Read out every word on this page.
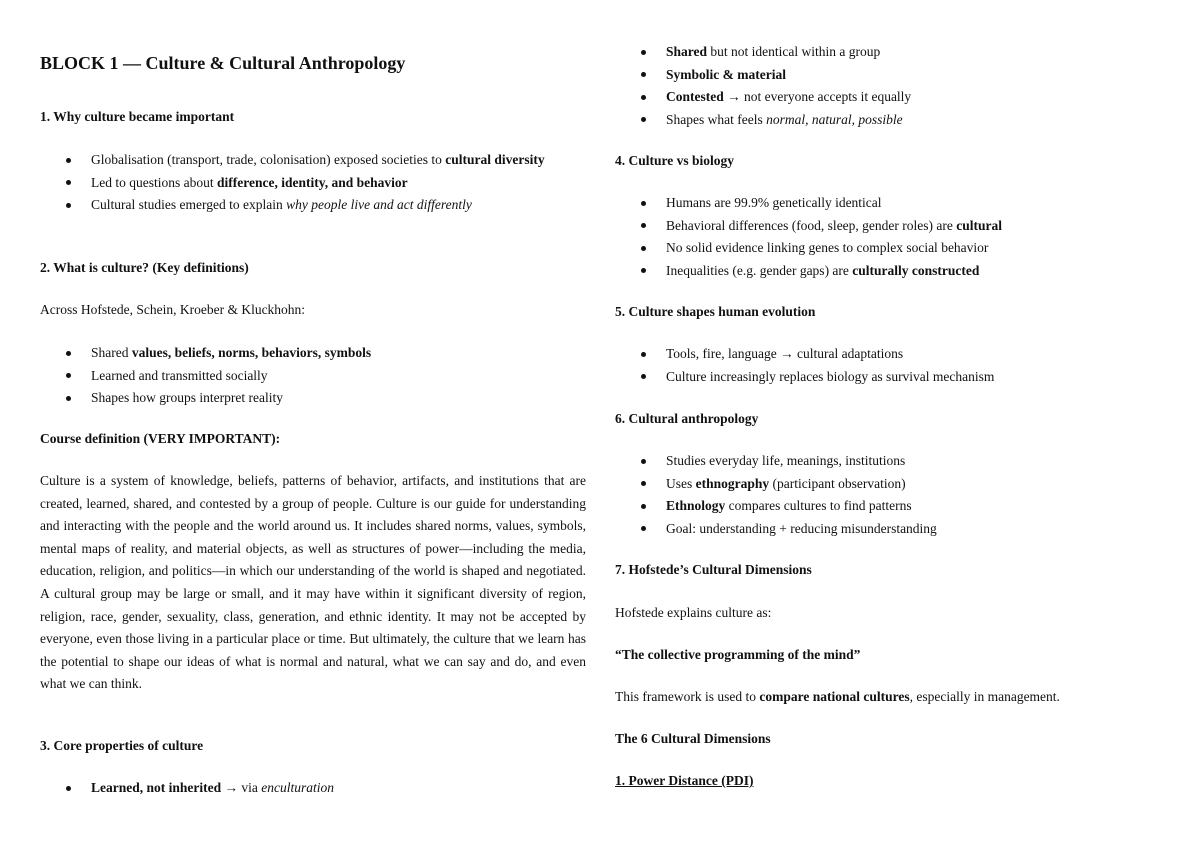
BLOCK 1 — Culture & Cultural Anthropology
1. Why culture became important
Globalisation (transport, trade, colonisation) exposed societies to cultural diversity
Led to questions about difference, identity, and behavior
Cultural studies emerged to explain why people live and act differently
2. What is culture? (Key definitions)
Across Hofstede, Schein, Kroeber & Kluckhohn:
Shared values, beliefs, norms, behaviors, symbols
Learned and transmitted socially
Shapes how groups interpret reality
Course definition (VERY IMPORTANT):

Culture is a system of knowledge, beliefs, patterns of behavior, artifacts, and institutions that are created, learned, shared, and contested by a group of people. Culture is our guide for understanding and interacting with the people and the world around us. It includes shared norms, values, symbols, mental maps of reality, and material objects, as well as structures of power—including the media, education, religion, and politics—in which our understanding of the world is shaped and negotiated. A cultural group may be large or small, and it may have within it significant diversity of region, religion, race, gender, sexuality, class, generation, and ethnic identity. It may not be accepted by everyone, even those living in a particular place or time. But ultimately, the culture that we learn has the potential to shape our ideas of what is normal and natural, what we can say and do, and even what we can think.

3. Core properties of culture
Learned, not inherited → via enculturation
Shared but not identical within a group
Symbolic & material
Contested → not everyone accepts it equally
Shapes what feels normal, natural, possible
4. Culture vs biology
Humans are 99.9% genetically identical
Behavioral differences (food, sleep, gender roles) are cultural
No solid evidence linking genes to complex social behavior
Inequalities (e.g. gender gaps) are culturally constructed
5. Culture shapes human evolution
Tools, fire, language → cultural adaptations
Culture increasingly replaces biology as survival mechanism
6. Cultural anthropology
Studies everyday life, meanings, institutions
Uses ethnography (participant observation)
Ethnology compares cultures to find patterns
Goal: understanding + reducing misunderstanding
7. Hofstede’s Cultural Dimensions
Hofstede explains culture as:
“The collective programming of the mind”
This framework is used to compare national cultures, especially in management.
The 6 Cultural Dimensions
1. Power Distance (PDI)
